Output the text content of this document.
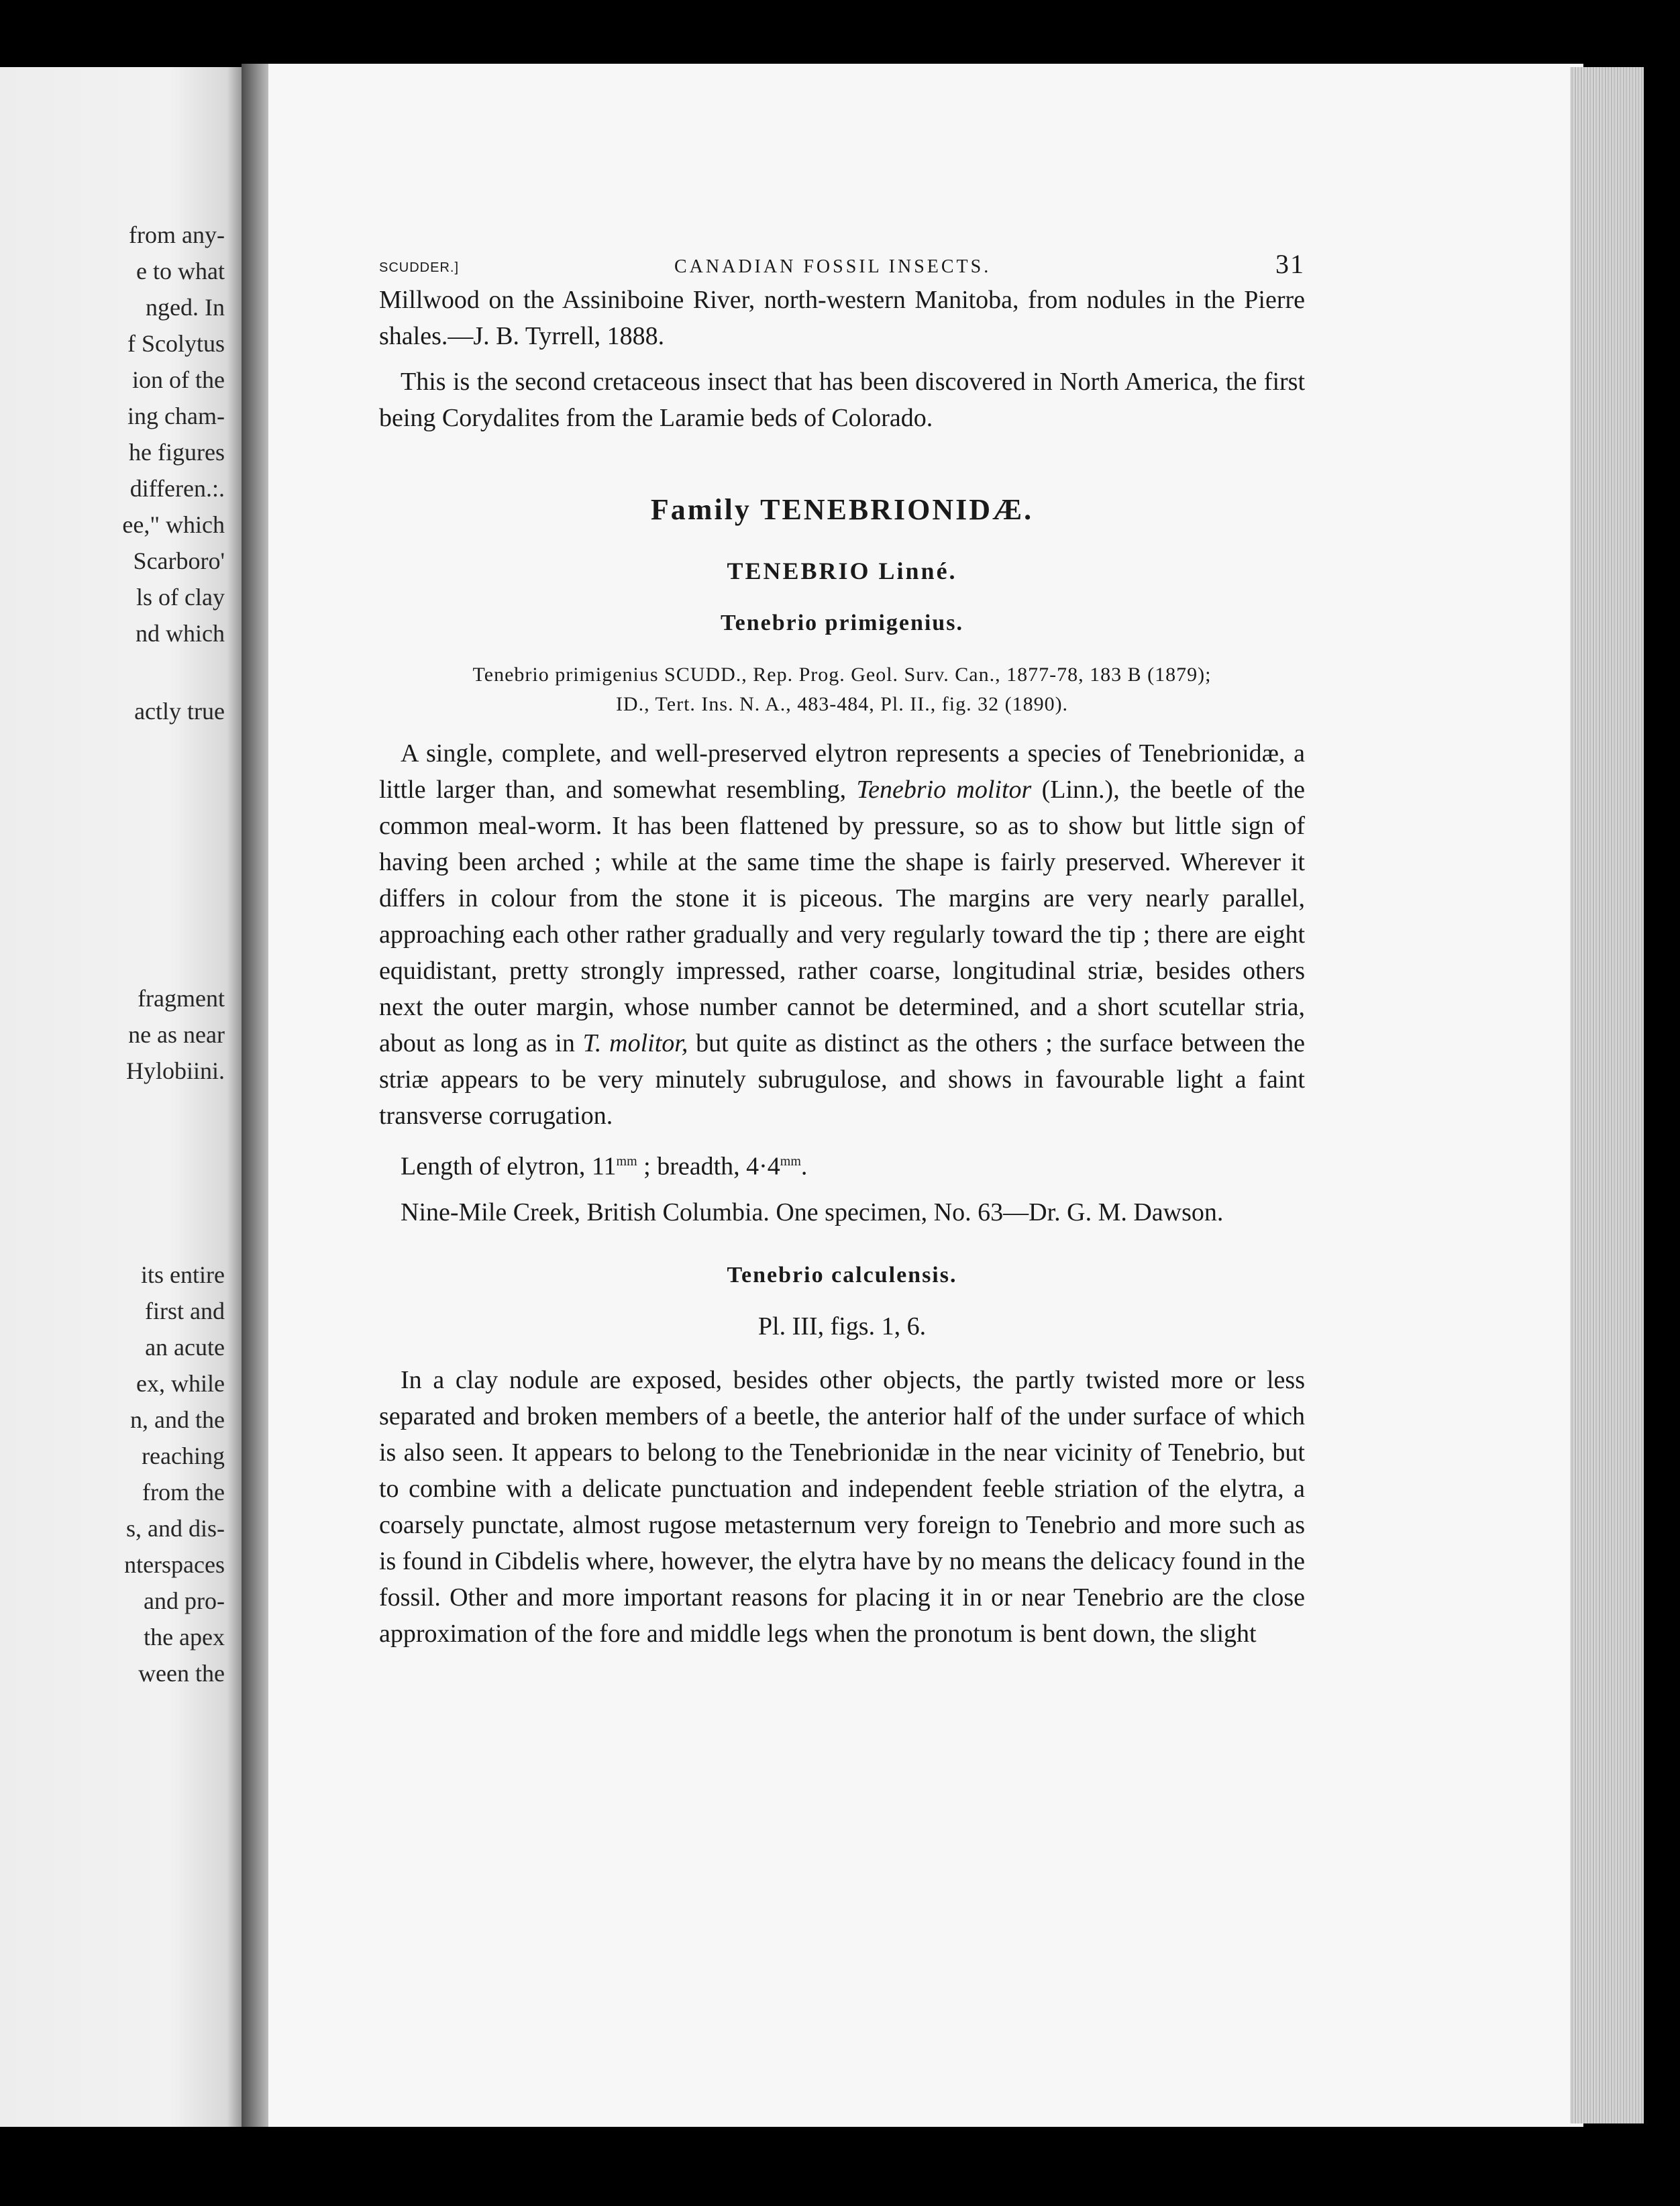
from any-
e to what
nged. In
f Scolytus
ion of the
ing cham-
he figures
differen.:.
ee," which
Scarboro'
ls of clay
nd which
actly true
fragment
ne as near
Hylobiini.
its entire
first and
an acute
ex, while
n, and the
reaching
from the
s, and dis-
nterspaces
and pro-
the apex
ween the
SCUDDER.]	CANADIAN FOSSIL INSECTS.	31

Millwood on the Assiniboine River, north-western Manitoba, from nodules in the Pierre shales.—J. B. Tyrrell, 1888.

This is the second cretaceous insect that has been discovered in North America, the first being Corydalites from the Laramie beds of Colorado.

Family TENEBRIONIDÆ.
TENEBRIO Linné.
Tenebrio primigenius.
Tenebrio primigenius SCUDD., Rep. Prog. Geol. Surv. Can., 1877-78, 183 B (1879);
ID., Tert. Ins. N. A., 483-484, Pl. II., fig. 32 (1890).

A single, complete, and well-preserved elytron represents a species of Tenebrionidæ, a little larger than, and somewhat resembling, Tenebrio molitor (Linn.), the beetle of the common meal-worm. It has been flattened by pressure, so as to show but little sign of having been arched ; while at the same time the shape is fairly preserved. Wherever it differs in colour from the stone it is piceous. The margins are very nearly parallel, approaching each other rather gradually and very regularly toward the tip ; there are eight equidistant, pretty strongly impressed, rather coarse, longitudinal striæ, besides others next the outer margin, whose number cannot be determined, and a short scutellar stria, about as long as in T. molitor, but quite as distinct as the others ; the surface between the striæ appears to be very minutely subrugulose, and shows in favourable light a faint transverse corrugation.

Length of elytron, $11^{mm}$ ; breadth, $4\cdot 4^{mm}$.

Nine-Mile Creek, British Columbia. One specimen, No. 63—Dr. G. M. Dawson.

Tenebrio calculensis.
Pl. III, figs. 1, 6.

In a clay nodule are exposed, besides other objects, the partly twisted more or less separated and broken members of a beetle, the anterior half of the under surface of which is also seen. It appears to belong to the Tenebrionidæ in the near vicinity of Tenebrio, but to combine with a delicate punctuation and independent feeble striation of the elytra, a coarsely punctate, almost rugose metasternum very foreign to Tenebrio and more such as is found in Cibdelis where, however, the elytra have by no means the delicacy found in the fossil. Other and more important reasons for placing it in or near Tenebrio are the close approximation of the fore and middle legs when the pronotum is bent down, the slight
